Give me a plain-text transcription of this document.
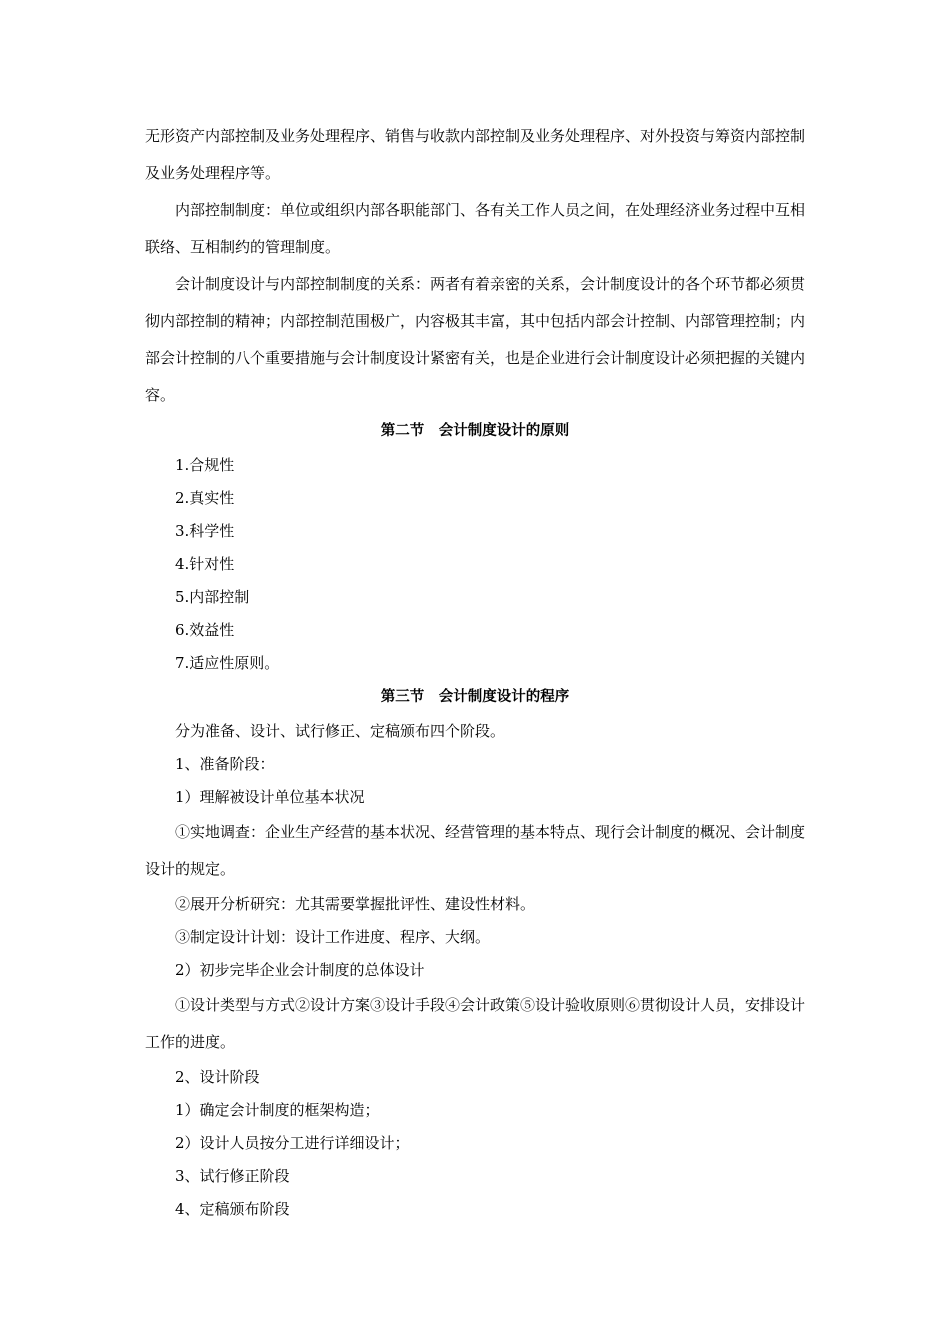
无形资产内部控制及业务处理程序、销售与收款内部控制及业务处理程序、对外投资与筹资内部控制及业务处理程序等。

内部控制制度：单位或组织内部各职能部门、各有关工作人员之间，在处理经济业务过程中互相联络、互相制约的管理制度。

会计制度设计与内部控制制度的关系：两者有着亲密的关系，会计制度设计的各个环节都必须贯彻内部控制的精神；内部控制范围极广，内容极其丰富，其中包括内部会计控制、内部管理控制；内部会计控制的八个重要措施与会计制度设计紧密有关，也是企业进行会计制度设计必须把握的关键内容。

第二节　会计制度设计的原则

1.合规性

2.真实性

3.科学性

4.针对性

5.内部控制

6.效益性

7.适应性原则。

第三节　会计制度设计的程序

分为准备、设计、试行修正、定稿颁布四个阶段。

1、准备阶段：

1）理解被设计单位基本状况

①实地调查：企业生产经营的基本状况、经营管理的基本特点、现行会计制度的概况、会计制度设计的规定。

②展开分析研究：尤其需要掌握批评性、建设性材料。

③制定设计计划：设计工作进度、程序、大纲。

2）初步完毕企业会计制度的总体设计

①设计类型与方式②设计方案③设计手段④会计政策⑤设计验收原则⑥贯彻设计人员，安排设计工作的进度。

2、设计阶段

1）确定会计制度的框架构造；

2）设计人员按分工进行详细设计；

3、试行修正阶段

4、定稿颁布阶段
